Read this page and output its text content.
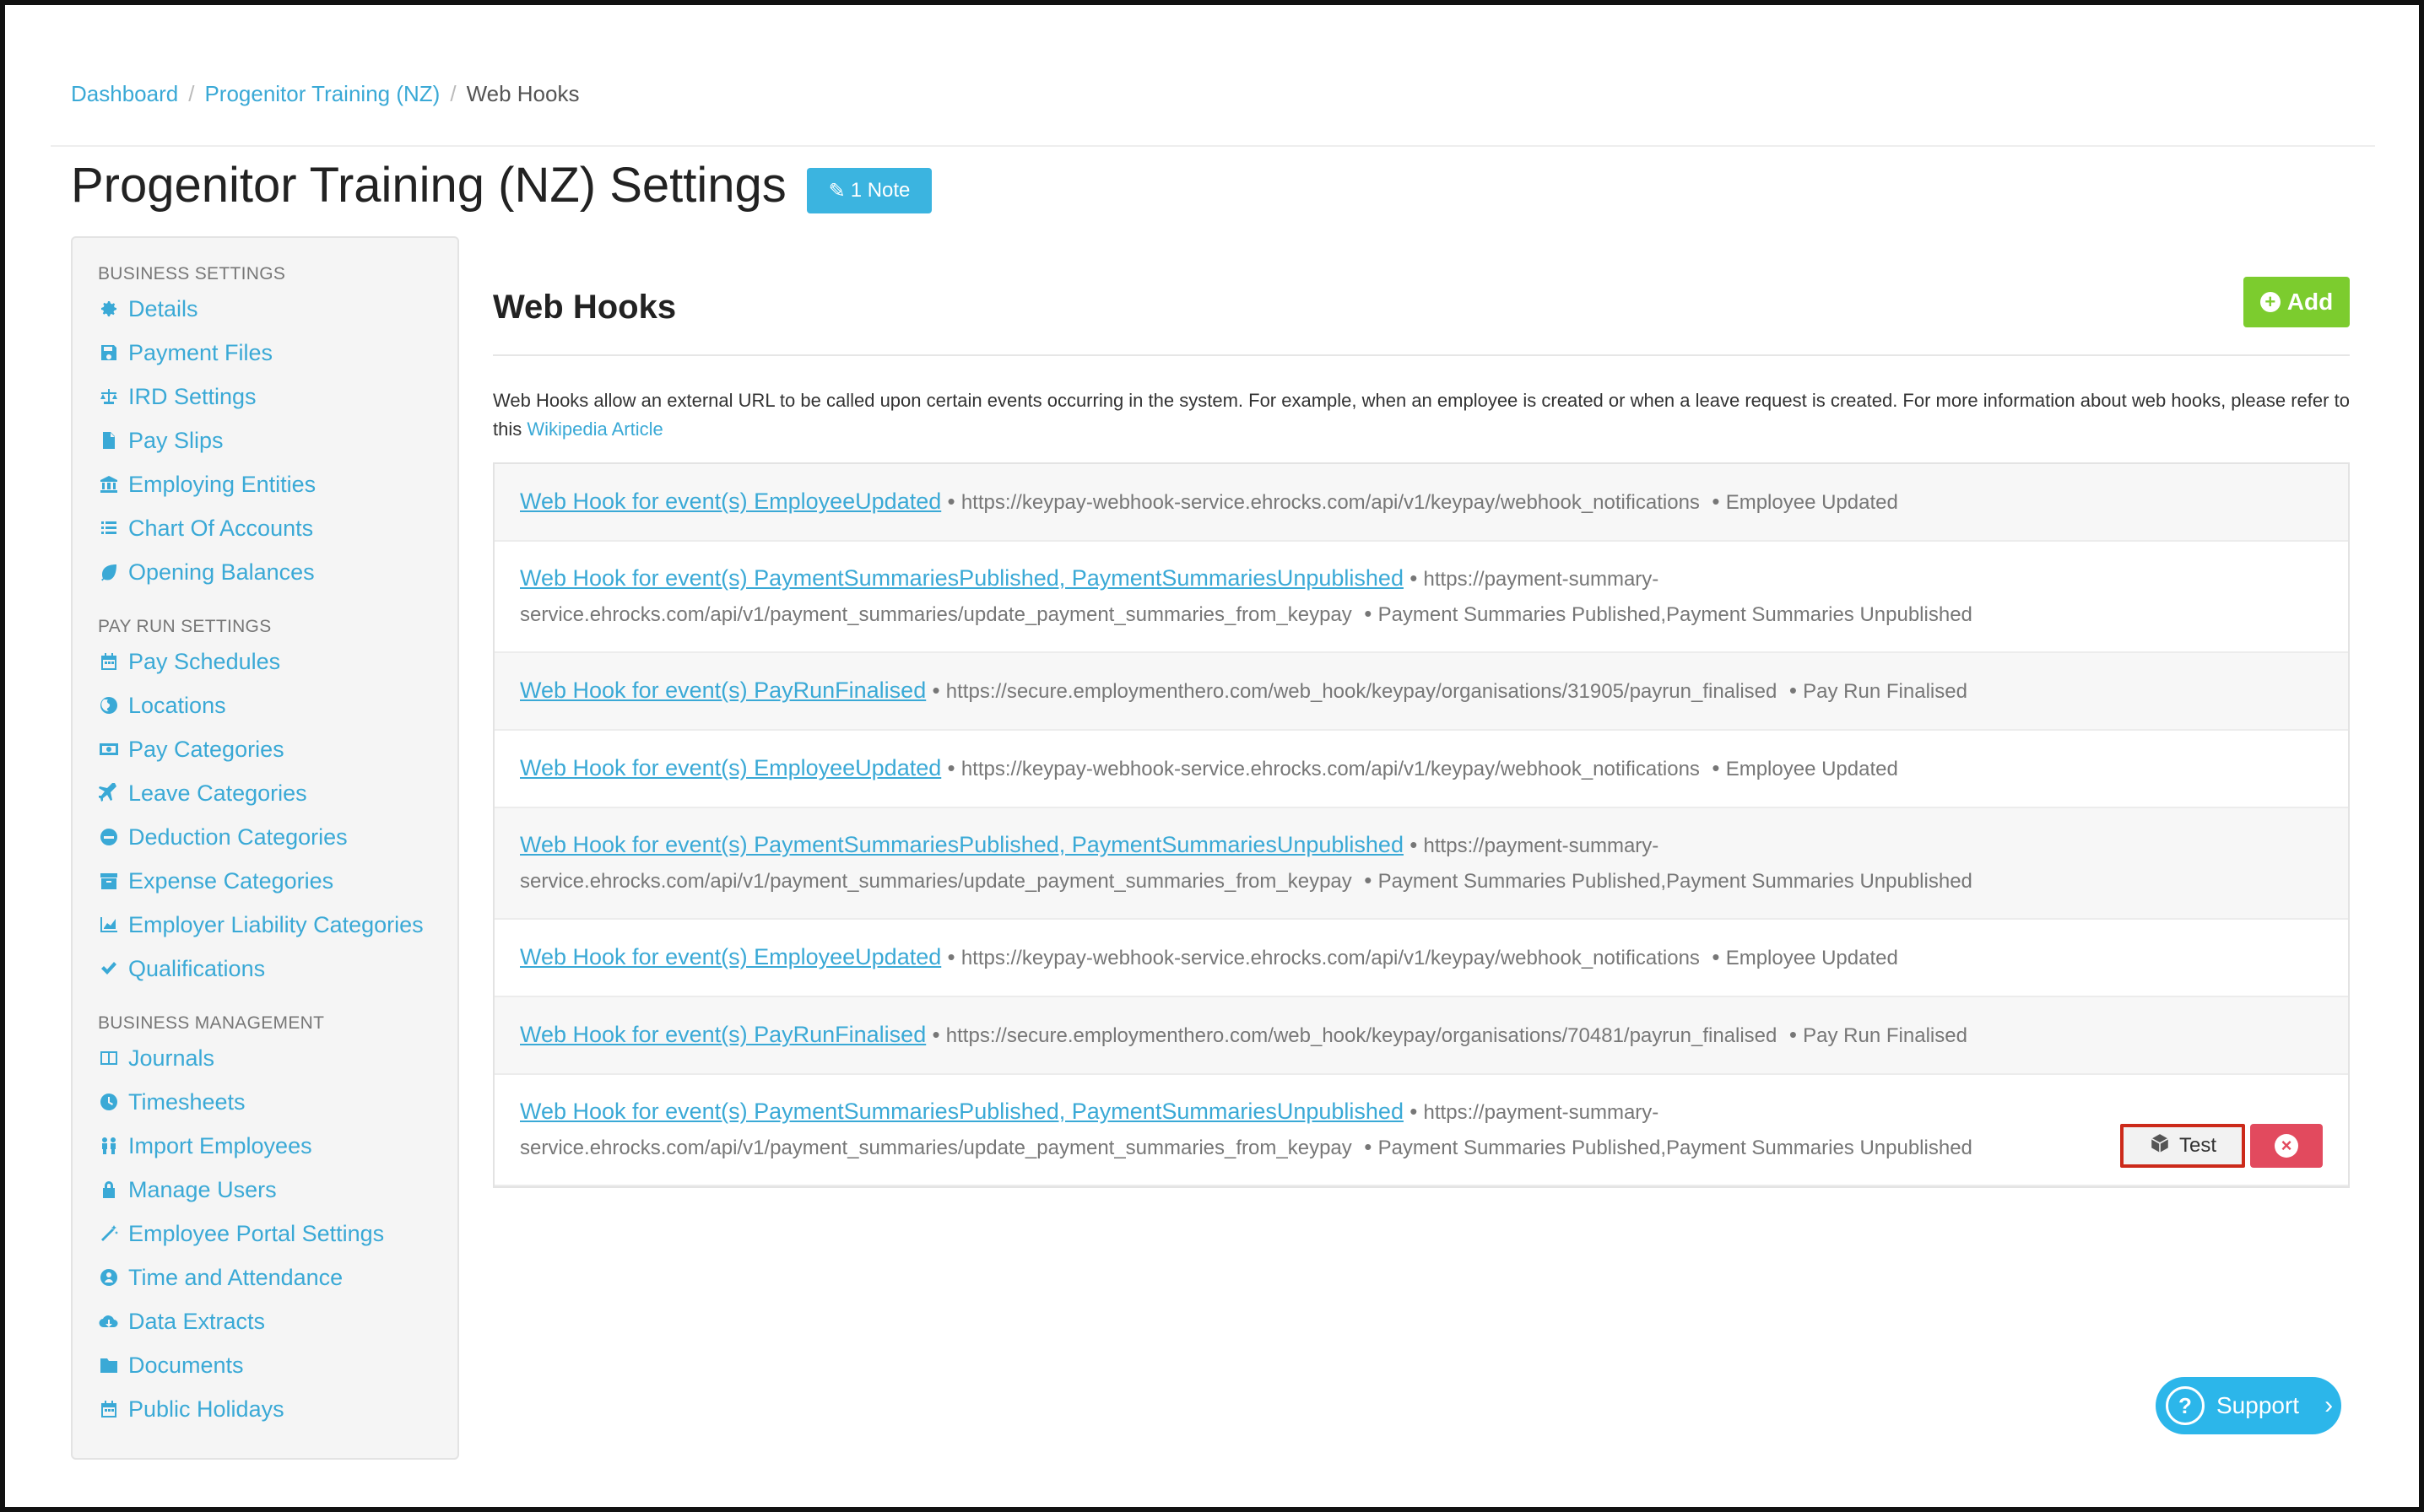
Dashboard / Progenitor Training (NZ) / Web Hooks
Progenitor Training (NZ) Settings ✎ 1 Note
BUSINESS SETTINGS
Details
Payment Files
IRD Settings
Pay Slips
Employing Entities
Chart Of Accounts
Opening Balances
PAY RUN SETTINGS
Pay Schedules
Locations
Pay Categories
Leave Categories
Deduction Categories
Expense Categories
Employer Liability Categories
Qualifications
BUSINESS MANAGEMENT
Journals
Timesheets
Import Employees
Manage Users
Employee Portal Settings
Time and Attendance
Data Extracts
Documents
Public Holidays
Web Hooks	+ Add

Web Hooks allow an external URL to be called upon certain events occurring in the system. For example, when an employee is created or when a leave request is created. For more information about web hooks, please refer to this Wikipedia Article

Web Hook for event(s) EmployeeUpdated • https://keypay-webhook-service.ehrocks.com/api/v1/keypay/webhook_notifications  • Employee Updated
Web Hook for event(s) PaymentSummariesPublished, PaymentSummariesUnpublished • https://payment-summary-service.ehrocks.com/api/v1/payment_summaries/update_payment_summaries_from_keypay  • Payment Summaries Published,Payment Summaries Unpublished
Web Hook for event(s) PayRunFinalised • https://secure.employmenthero.com/web_hook/keypay/organisations/31905/payrun_finalised  • Pay Run Finalised
Web Hook for event(s) EmployeeUpdated • https://keypay-webhook-service.ehrocks.com/api/v1/keypay/webhook_notifications  • Employee Updated
Web Hook for event(s) PaymentSummariesPublished, PaymentSummariesUnpublished • https://payment-summary-service.ehrocks.com/api/v1/payment_summaries/update_payment_summaries_from_keypay  • Payment Summaries Published,Payment Summaries Unpublished
Web Hook for event(s) EmployeeUpdated • https://keypay-webhook-service.ehrocks.com/api/v1/keypay/webhook_notifications  • Employee Updated
Web Hook for event(s) PayRunFinalised • https://secure.employmenthero.com/web_hook/keypay/organisations/70481/payrun_finalised  • Pay Run Finalised
Web Hook for event(s) PaymentSummariesPublished, PaymentSummariesUnpublished • https://payment-summary-service.ehrocks.com/api/v1/payment_summaries/update_payment_summaries_from_keypay  • Payment Summaries Published,Payment Summaries Unpublished	Test	×
?	Support ›
